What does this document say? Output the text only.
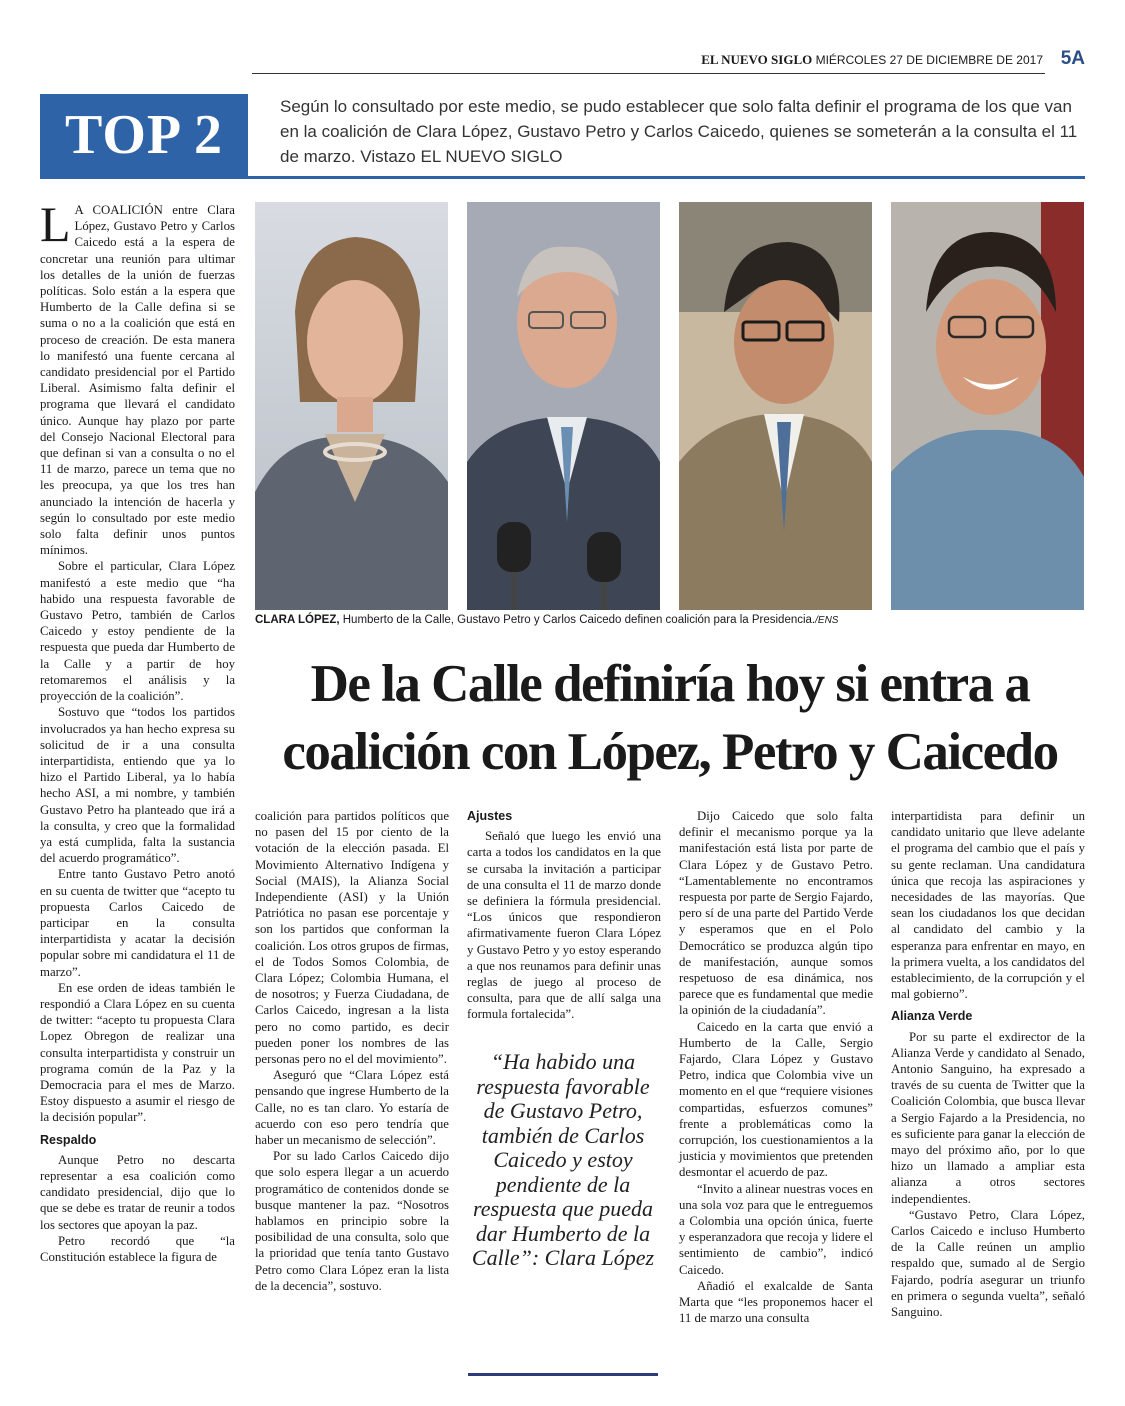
EL NUEVO SIGLO MIÉRCOLES 27 DE DICIEMBRE DE 2017 5A
TOP 2	Según lo consultado por este medio, se pudo establecer que solo falta definir el programa de los que van en la coalición de Clara López, Gustavo Petro y Carlos Caicedo, quienes se someterán a la consulta el 11 de marzo. Vistazo EL NUEVO SIGLO

L A COALICIÓN entre Clara López, Gustavo Petro y Carlos Caicedo está a la espera de concretar una reunión para ultimar los detalles de la unión de fuerzas políticas. Solo están a la espera que Humberto de la Calle defina si se suma o no a la coalición que está en proceso de creación. De esta manera lo manifestó una fuente cercana al candidato presidencial por el Partido Liberal. Asimismo falta definir el programa que llevará el candidato único. Aunque hay plazo por parte del Consejo Nacional Electoral para que definan si van a consulta o no el 11 de marzo, parece un tema que no les preocupa, ya que los tres han anunciado la intención de hacerla y según lo consultado por este medio solo falta definir unos puntos mínimos.

Sobre el particular, Clara López manifestó a este medio que “ha habido una respuesta favorable de Gustavo Petro, también de Carlos Caicedo y estoy pendiente de la respuesta que pueda dar Humberto de la Calle y a partir de hoy retomaremos el análisis y la proyección de la coalición”.

Sostuvo que “todos los partidos involucrados ya han hecho expresa su solicitud de ir a una consulta interpartidista, entiendo que ya lo hizo el Partido Liberal, ya lo había hecho ASI, a mi nombre, y también Gustavo Petro ha planteado que irá a la consulta, y creo que la formalidad ya está cumplida, falta la sustancia del acuerdo programático”.

Entre tanto Gustavo Petro anotó en su cuenta de twitter que “acepto tu propuesta Carlos Caicedo de participar en la consulta interpartidista y acatar la decisión popular sobre mi candidatura el 11 de marzo”.

En ese orden de ideas también le respondió a Clara López en su cuenta de twitter: “acepto tu propuesta Clara Lopez Obregon de realizar una consulta interpartidista y construir un programa común de la Paz y la Democracia para el mes de Marzo. Estoy dispuesto a asumir el riesgo de la decisión popular”.

Respaldo

Aunque Petro no descarta representar a esa coalición como candidato presidencial, dijo que lo que se debe es tratar de reunir a todos los sectores que apoyan la paz.

Petro recordó que “la Constitución establece la figura de

CLARA LÓPEZ, Humberto de la Calle, Gustavo Petro y Carlos Caicedo definen coalición para la Presidencia./ENS
De la Calle definiría hoy si entra a
coalición con López, Petro y Caicedo

coalición para partidos políticos que no pasen del 15 por ciento de la votación de la elección pasada. El Movimiento Alternativo Indígena y Social (MAIS), la Alianza Social Independiente (ASI) y la Unión Patriótica no pasan ese porcentaje y son los partidos que conforman la coalición. Los otros grupos de firmas, el de Todos Somos Colombia, de Clara López; Colombia Humana, el de nosotros; y Fuerza Ciudadana, de Carlos Caicedo, ingresan a la lista pero no como partido, es decir pueden poner los nombres de las personas pero no el del movimiento”.

Aseguró que “Clara López está pensando que ingrese Humberto de la Calle, no es tan claro. Yo estaría de acuerdo con eso pero tendría que haber un mecanismo de selección”.

Por su lado Carlos Caicedo dijo que solo espera llegar a un acuerdo programático de contenidos donde se busque mantener la paz. “Nosotros hablamos en principio sobre la posibilidad de una consulta, solo que la prioridad que tenía tanto Gustavo Petro como Clara López eran la lista de la decencia”, sostuvo.

Ajustes

Señaló que luego les envió una carta a todos los candidatos en la que se cursaba la invitación a participar de una consulta el 11 de marzo donde se definiera la fórmula presidencial. “Los únicos que respondieron afirmativamente fueron Clara López y Gustavo Petro y yo estoy esperando a que nos reunamos para definir unas reglas de juego al proceso de consulta, para que de allí salga una formula fortalecida”.

“Ha habido una respuesta favorable de Gustavo Petro, también de Carlos Caicedo y estoy pendiente de la respuesta que pueda dar Humberto de la Calle”: Clara López

Dijo Caicedo que solo falta definir el mecanismo porque ya la manifestación está lista por parte de Clara López y de Gustavo Petro. “Lamentablemente no encontramos respuesta por parte de Sergio Fajardo, pero sí de una parte del Partido Verde y esperamos que en el Polo Democrático se produzca algún tipo de manifestación, aunque somos respetuoso de esa dinámica, nos parece que es fundamental que medie la opinión de la ciudadanía”.

Caicedo en la carta que envió a Humberto de la Calle, Sergio Fajardo, Clara López y Gustavo Petro, indica que Colombia vive un momento en el que “requiere visiones compartidas, esfuerzos comunes” frente a problemáticas como la corrupción, los cuestionamientos a la justicia y movimientos que pretenden desmontar el acuerdo de paz.

“Invito a alinear nuestras voces en una sola voz para que le entreguemos a Colombia una opción única, fuerte y esperanzadora que recoja y lidere el sentimiento de cambio”, indicó Caicedo.

Añadió el exalcalde de Santa Marta que “les proponemos hacer el 11 de marzo una consulta

interpartidista para definir un candidato unitario que lleve adelante el programa del cambio que el país y su gente reclaman. Una candidatura única que recoja las aspiraciones y necesidades de las mayorías. Que sean los ciudadanos los que decidan al candidato del cambio y la esperanza para enfrentar en mayo, en la primera vuelta, a los candidatos del establecimiento, de la corrupción y el mal gobierno”.

Alianza Verde

Por su parte el exdirector de la Alianza Verde y candidato al Senado, Antonio Sanguino, ha expresado a través de su cuenta de Twitter que la Coalición Colombia, que busca llevar a Sergio Fajardo a la Presidencia, no es suficiente para ganar la elección de mayo del próximo año, por lo que hizo un llamado a ampliar esta alianza a otros sectores independientes.

“Gustavo Petro, Clara López, Carlos Caicedo e incluso Humberto de la Calle reúnen un amplio respaldo que, sumado al de Sergio Fajardo, podría asegurar un triunfo en primera o segunda vuelta”, señaló Sanguino.
